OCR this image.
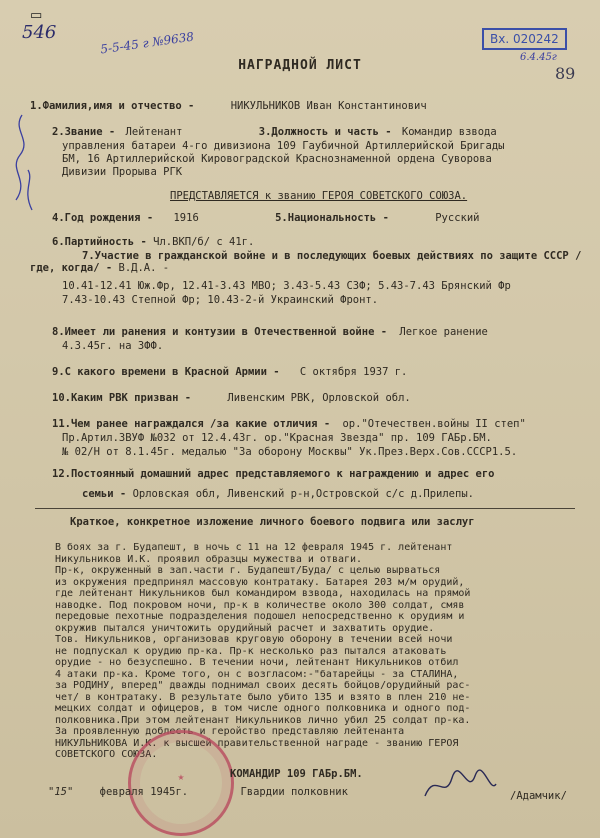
▭
546	5-5-45 г №9638	Вх. 020242
6.4.45г
89
НАГРАДНОЙ ЛИСТ
1.Фамилия,имя и отчество -	НИКУЛЬНИКОВ Иван Константинович
2.Звание - Лейтенант	3.Должность и часть - Командир взвода
управления батареи 4-го дивизиона 109 Гаубичной Артиллерийской Бригады
БМ, 16 Артиллерийской Кировоградской Краснознаменной ордена Суворова
Дивизии Прорыва РГК
ПРЕДСТАВЛЯЕТСЯ к званию ГЕРОЯ СОВЕТСКОГО СОЮЗА.
4.Год рождения - 1916	5.Национальность -	Русский
6.Партийность - Чл.ВКП/б/ с 41г.
7.Участие в гражданской войне и в последующих боевых действиях по защите СССР /где, когда/ - В.Д.А. -
10.41-12.41 Юж.Фр, 12.41-3.43 МВО; 3.43-5.43 СЗФ; 5.43-7.43 Брянский Фр
7.43-10.43 Степной Фр; 10.43-2-й Украинский Фронт.
8.Имеет ли ранения и контузии в Отечественной войне - Легкое ранение
4.3.45г. на 3ФФ.
9.С какого времени в Красной Армии - С октября 1937 г.
10.Каким РВК призван -	Ливенским РВК, Орловской обл.
11.Чем ранее награждался /за какие отличия - ор."Отечествен.войны II степ"
Пр.Артил.3ВУФ №032 от 12.4.43г. ор."Красная Звезда" пр. 109 ГАБр.БМ.
№ 02/Н от 8.1.45г. медалью "За оборону Москвы" Ук.През.Верх.Сов.СССР1.5.
12.Постоянный домашний адрес представляемого к награждению и адрес его
семьи - Орловская обл, Ливенский р-н,Островской с/с д.Прилепы.
Краткое, конкретное изложение личного боевого подвига или заслуг

В боях за г. Будапешт, в ночь с 11 на 12 февраля 1945 г. лейтенант

Никульников И.К. проявил образцы мужества и отваги.

Пр-к, окруженный в зап.части г. Будапешт/Буда/ с целью вырваться

из окружения предпринял массовую контратаку. Батарея 203 м/м орудий,

где лейтенант Никульников был командиром взвода, находилась на прямой

наводке. Под покровом ночи, пр-к в количестве около 300 солдат, смяв

передовые пехотные подразделения подошел непосредственно к орудиям и

окружив пытался уничтожить орудийный расчет и захватить орудие.

Тов. Никульников, организовав круговую оборону в течении всей ночи

не подпускал к орудию пр-ка. Пр-к несколько раз пытался атаковать

орудие - но безуспешно. В течении ночи, лейтенант Никульников отбил

4 атаки пр-ка. Кроме того, он с возгласом:-"батарейцы - за СТАЛИНА,

за РОДИНУ, вперед" дважды поднимал своих десять бойцов/орудийный рас-

чет/ в контратаку. В результате было убито 135 и взято в плен 210 не-

мецких солдат и офицеров, в том числе одного полковника и одного под-

полковника.При этом лейтенант Никульников лично убил 25 солдат пр-ка.

За проявленную доблесть и геройство представляю лейтенанта

НИКУЛЬНИКОВА И.К. к высшей правительственной награде - званию ГЕРОЯ

СОВЕТСКОГО СОЮЗА.

★	КОМАНДИР 109 ГАБр.БМ.
"15"	февраля 1945г.	Гвардии полковник	/Адамчик/
